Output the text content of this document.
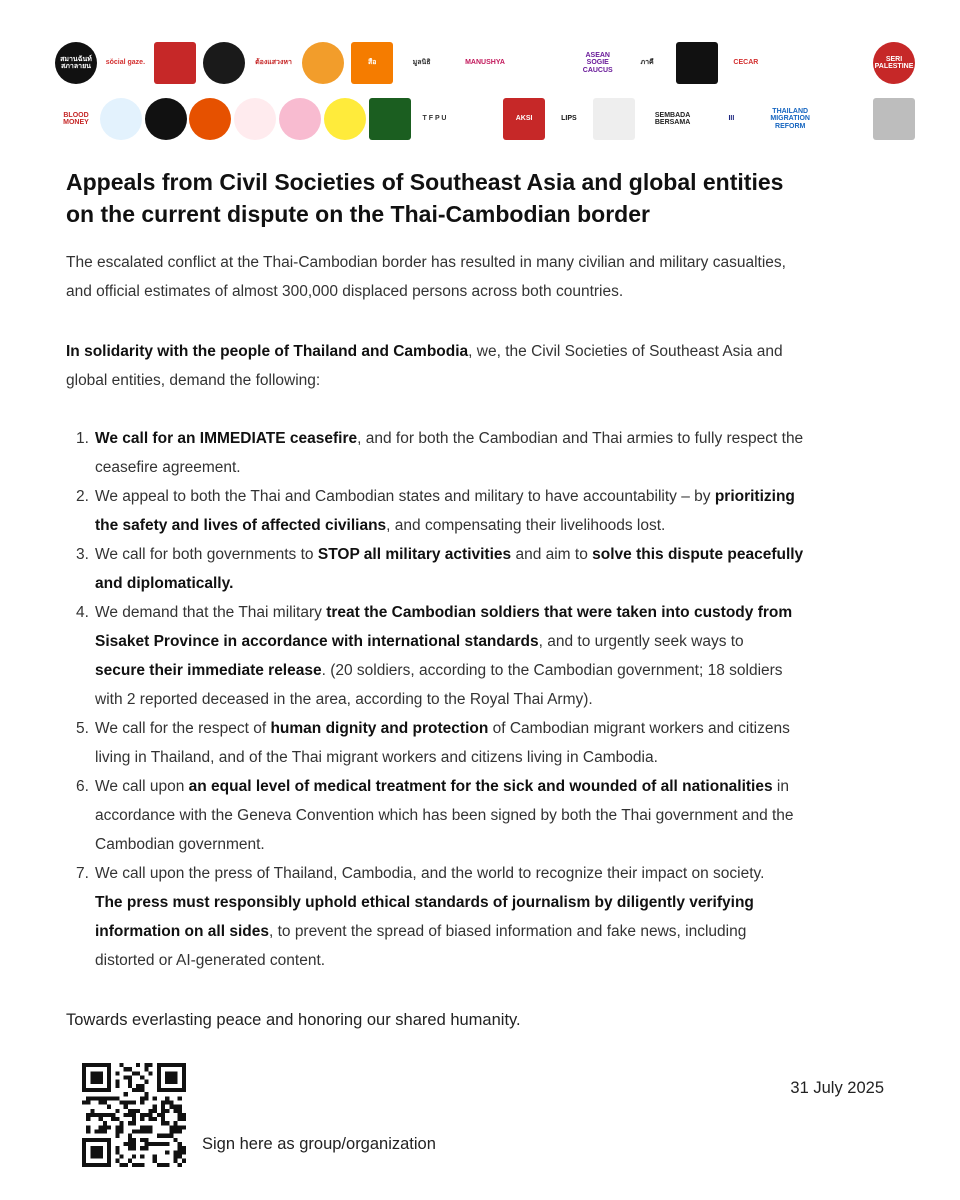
สมานฉันท์ สภาลายน
sŏcial gaze.	ต้องแสวงหา	สือ	มูลนิธิ	MANUSHYA
ASEAN SOGIE CAUCUS
ภาคี	CECAR
SERI PALESTINE
BLOOD MONEY
T F P U	AKSI	LIPS
SEMBADA BERSAMA
III
THAILAND MIGRATION REFORM
Appeals from Civil Societies of Southeast Asia and global entities
on the current dispute on the Thai-Cambodian border

The escalated conflict at the Thai-Cambodian border has resulted in many civilian and military casualties,
and official estimates of almost 300,000 displaced persons across both countries.

In solidarity with the people of Thailand and Cambodia, we, the Civil Societies of Southeast Asia and
global entities, demand the following:

1. We call for an IMMEDIATE ceasefire, and for both the Cambodian and Thai armies to fully respect the
ceasefire agreement.
2. We appeal to both the Thai and Cambodian states and military to have accountability – by prioritizing
the safety and lives of affected civilians, and compensating their livelihoods lost.
3. We call for both governments to STOP all military activities and aim to solve this dispute peacefully
and diplomatically.
4. We demand that the Thai military treat the Cambodian soldiers that were taken into custody from
Sisaket Province in accordance with international standards, and to urgently seek ways to
secure their immediate release. (20 soldiers, according to the Cambodian government; 18 soldiers
with 2 reported deceased in the area, according to the Royal Thai Army).
5. We call for the respect of human dignity and protection of Cambodian migrant workers and citizens
living in Thailand, and of the Thai migrant workers and citizens living in Cambodia.
6. We call upon an equal level of medical treatment for the sick and wounded of all nationalities in
accordance with the Geneva Convention which has been signed by both the Thai government and the
Cambodian government.
7. We call upon the press of Thailand, Cambodia, and the world to recognize their impact on society.
The press must responsibly uphold ethical standards of journalism by diligently verifying
information on all sides, to prevent the spread of biased information and fake news, including
distorted or AI-generated content.

Towards everlasting peace and honoring our shared humanity.

31 July 2025
Sign here as group/organization
